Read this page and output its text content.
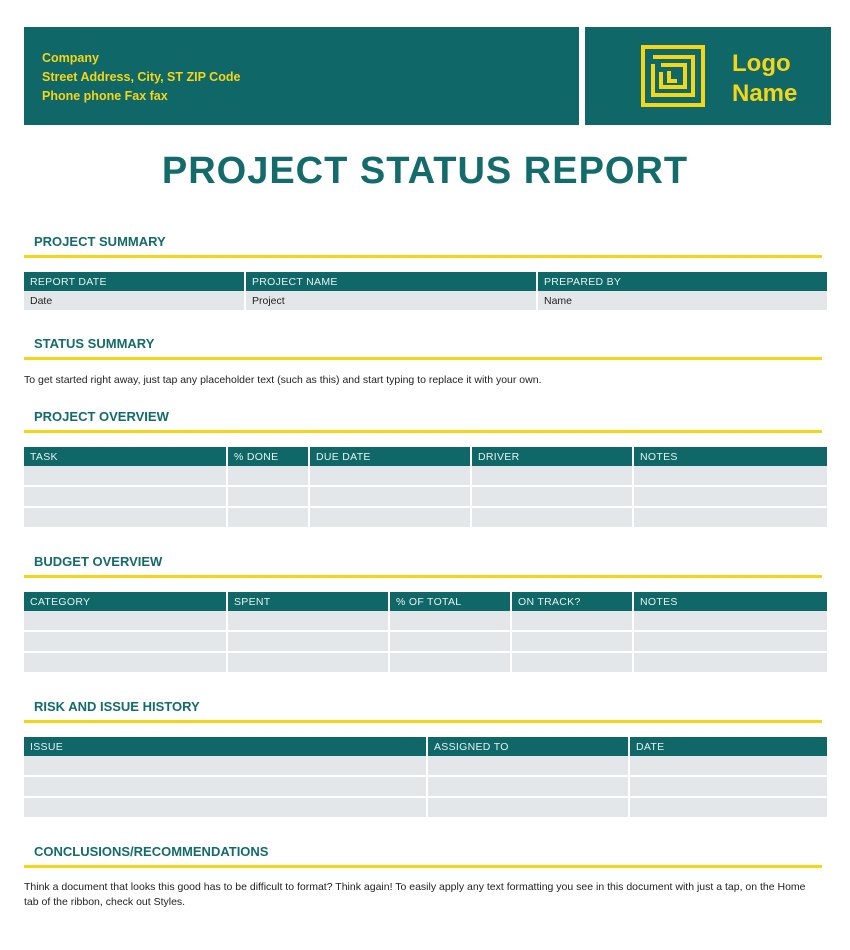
Company
Street Address, City, ST ZIP Code
Phone phone Fax fax
Logo
Name
PROJECT STATUS REPORT
PROJECT SUMMARY
REPORT DATE	PROJECT NAME	PREPARED BY
Date	Project	Name
STATUS SUMMARY
To get started right away, just tap any placeholder text (such as this) and start typing to replace it with your own.
PROJECT OVERVIEW
TASK	% DONE	DUE DATE	DRIVER	NOTES

BUDGET OVERVIEW
CATEGORY	SPENT	% OF TOTAL	ON TRACK?	NOTES

RISK AND ISSUE HISTORY
ISSUE	ASSIGNED TO	DATE

CONCLUSIONS/RECOMMENDATIONS
Think a document that looks this good has to be difficult to format? Think again! To easily apply any text formatting you see in this document with just a tap, on the Home tab of the ribbon, check out Styles.
